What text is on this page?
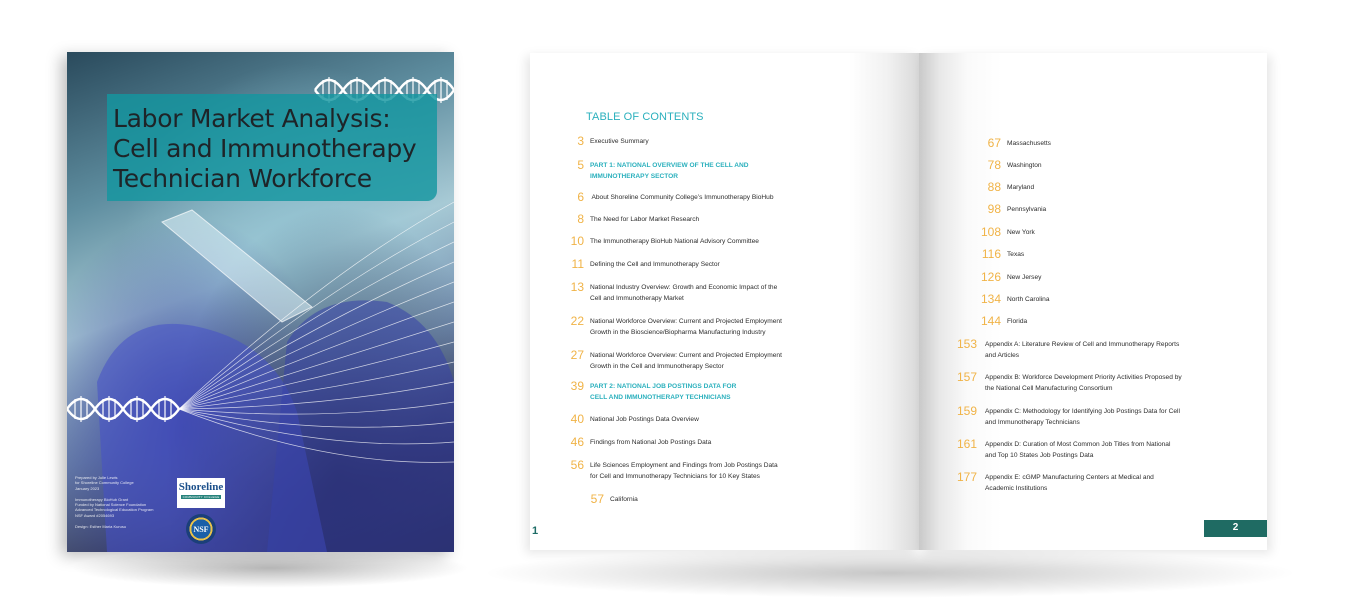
Labor Market Analysis:
Cell and Immunotherapy
Technician Workforce
Prepared by Julie Lewis
for Shoreline Community College
January 2023

Immunotherapy BioHub Grant
Funded by National Science Foundation
Advanced Technological Education Program
NSF Award #2054693

Design: Esther Maria Kurusu
Shoreline
COMMUNITY COLLEGE
NSF
TABLE OF CONTENTS
3 Executive Summary
5 PART 1: NATIONAL OVERVIEW OF THE CELL AND
IMMUNOTHERAPY SECTOR
6 About Shoreline Community College’s Immunotherapy BioHub
8 The Need for Labor Market Research
10 The Immunotherapy BioHub National Advisory Committee
11 Defining the Cell and Immunotherapy Sector
13 National Industry Overview: Growth and Economic Impact of the
Cell and Immunotherapy Market
22 National Workforce Overview: Current and Projected Employment
Growth in the Bioscience/Biopharma Manufacturing Industry
27 National Workforce Overview: Current and Projected Employment
Growth in the Cell and Immunotherapy Sector
39 PART 2: NATIONAL JOB POSTINGS DATA FOR
CELL AND IMMUNOTHERAPY TECHNICIANS
40 National Job Postings Data Overview
46 Findings from National Job Postings Data
56 Life Sciences Employment and Findings from Job Postings Data
for Cell and Immunotherapy Technicians for 10 Key States
57 California
1
67 Massachusetts
78 Washington
88 Maryland
98 Pennsylvania
108 New York
116 Texas
126 New Jersey
134 North Carolina
144 Florida
153 Appendix A: Literature Review of Cell and Immunotherapy Reports
and Articles
157 Appendix B: Workforce Development Priority Activities Proposed by
the National Cell Manufacturing Consortium
159 Appendix C: Methodology for Identifying Job Postings Data for Cell
and Immunotherapy Technicians
161 Appendix D: Curation of Most Common Job Titles from National
and Top 10 States Job Postings Data
177 Appendix E: cGMP Manufacturing Centers at Medical and
Academic Institutions
2
